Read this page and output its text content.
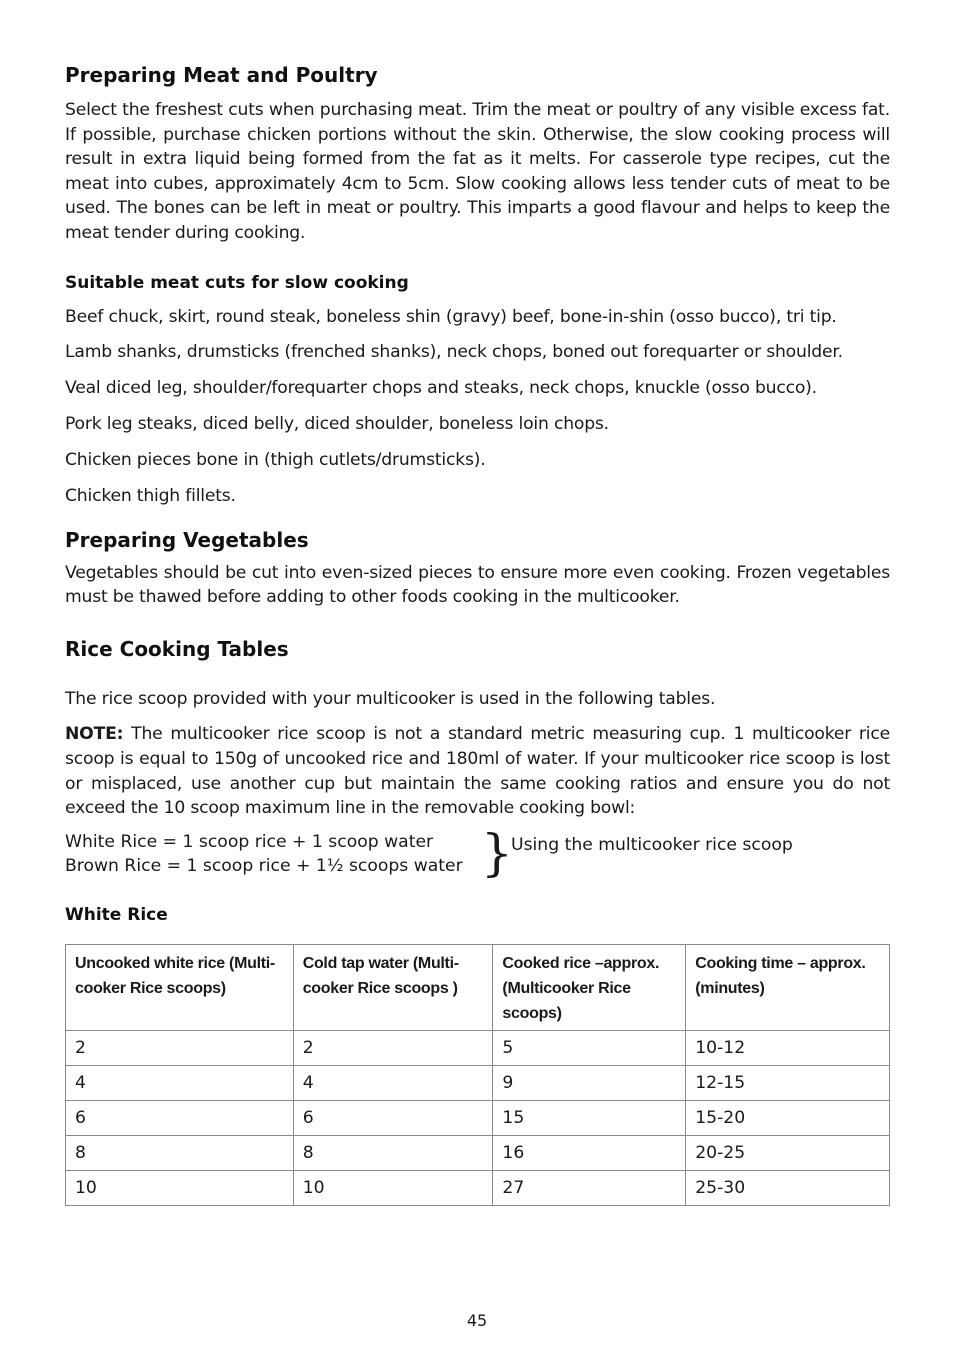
Preparing Meat and Poultry

Select the freshest cuts when purchasing meat. Trim the meat or poultry of any visible excess fat. If possible, purchase chicken portions without the skin. Otherwise, the slow cooking process will result in extra liquid being formed from the fat as it melts. For casserole type recipes, cut the meat into cubes, approximately 4cm to 5cm. Slow cooking allows less tender cuts of meat to be used. The bones can be left in meat or poultry. This imparts a good flavour and helps to keep the meat tender during cooking.

Suitable meat cuts for slow cooking

Beef chuck, skirt, round steak, boneless shin (gravy) beef, bone-in-shin (osso bucco), tri tip.

Lamb shanks, drumsticks (frenched shanks), neck chops, boned out forequarter or shoulder.

Veal diced leg, shoulder/forequarter chops and steaks, neck chops, knuckle (osso bucco).

Pork leg steaks, diced belly, diced shoulder, boneless loin chops.

Chicken pieces bone in (thigh cutlets/drumsticks).

Chicken thigh fillets.

Preparing Vegetables

Vegetables should be cut into even-sized pieces to ensure more even cooking. Frozen vegetables must be thawed before adding to other foods cooking in the multicooker.

Rice Cooking Tables

The rice scoop provided with your multicooker is used in the following tables.

NOTE: The multicooker rice scoop is not a standard metric measuring cup. 1 multicooker rice scoop is equal to 150g of uncooked rice and 180ml of water. If your multicooker rice scoop is lost or misplaced, use another cup but maintain the same cooking ratios and ensure you do not exceed the 10 scoop maximum line in the removable cooking bowl:

White Rice = 1 scoop rice + 1 scoop water
Brown Rice = 1 scoop rice + 1½ scoops water }
Using the multicooker rice scoop
White Rice
Uncooked white rice (Multi-cooker Rice scoops)	Cold tap water (Multi-cooker Rice scoops )	Cooked rice –approx. (Multicooker Rice scoops)	Cooking time – approx. (minutes)
2	2	5	10-12
4	4	9	12-15
6	6	15	15-20
8	8	16	20-25
10	10	27	25-30
45
